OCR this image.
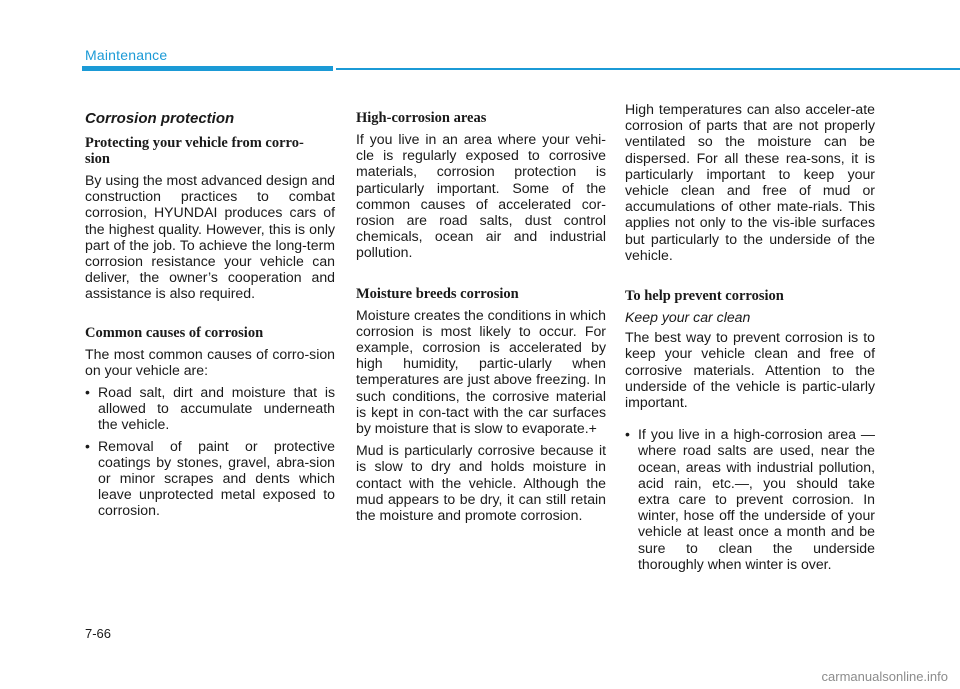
Maintenance
Corrosion protection
Protecting your vehicle from corro-
sion

By using the most advanced design and construction practices to combat corrosion, HYUNDAI produces cars of the highest quality. However, this is only part of the job. To achieve the long-term corrosion resistance your vehicle can deliver, the owner’s cooperation and assistance is also required.

Common causes of corrosion

The most common causes of corro-sion on your vehicle are:

• Road salt, dirt and moisture that is allowed to accumulate underneath the vehicle.
• Removal of paint or protective coatings by stones, gravel, abra-sion or minor scrapes and dents which leave unprotected metal exposed to corrosion.
High-corrosion areas

If you live in an area where your vehi-cle is regularly exposed to corrosive materials, corrosion protection is particularly important. Some of the common causes of accelerated cor-rosion are road salts, dust control chemicals, ocean air and industrial pollution.

Moisture breeds corrosion

Moisture creates the conditions in which corrosion is most likely to occur. For example, corrosion is accelerated by high humidity, partic-ularly when temperatures are just above freezing. In such conditions, the corrosive material is kept in con-tact with the car surfaces by moisture that is slow to evaporate.+

Mud is particularly corrosive because it is slow to dry and holds moisture in contact with the vehicle. Although the mud appears to be dry, it can still retain the moisture and promote corrosion.

High temperatures can also acceler-ate corrosion of parts that are not properly ventilated so the moisture can be dispersed. For all these rea-sons, it is particularly important to keep your vehicle clean and free of mud or accumulations of other mate-rials. This applies not only to the vis-ible surfaces but particularly to the underside of the vehicle.

To help prevent corrosion
Keep your car clean

The best way to prevent corrosion is to keep your vehicle clean and free of corrosive materials. Attention to the underside of the vehicle is partic-ularly important.

• If you live in a high-corrosion area — where road salts are used, near the ocean, areas with industrial pollution, acid rain, etc.—, you should take extra care to prevent corrosion. In winter, hose off the underside of your vehicle at least once a month and be sure to clean the underside thoroughly when winter is over.
7-66
carmanualsonline.info
